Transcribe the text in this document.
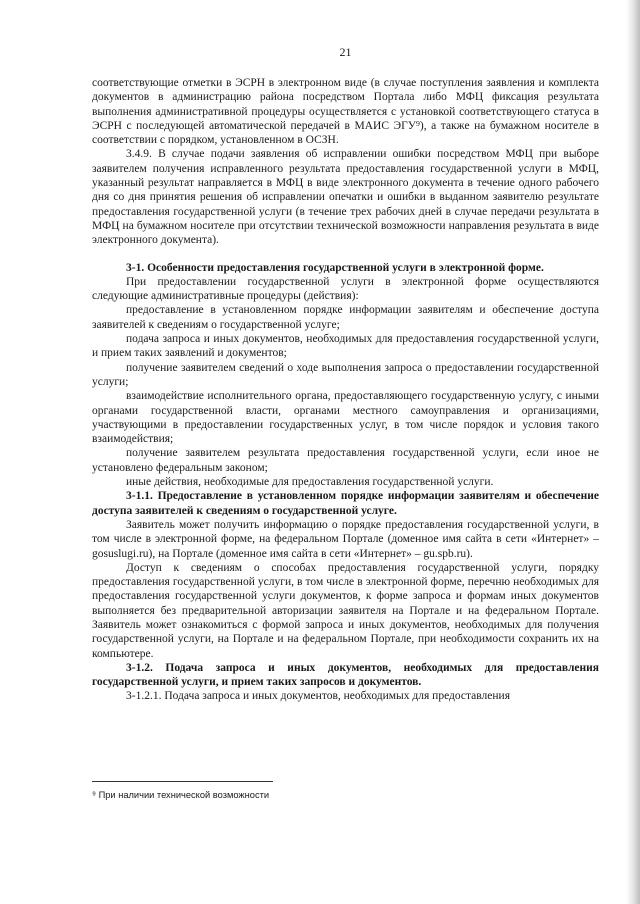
21

соответствующие отметки в ЭСРН в электронном виде (в случае поступления заявления и комплекта документов в администрацию района посредством Портала либо МФЦ фиксация результата выполнения административной процедуры осуществляется с установкой соответствующего статуса в ЭСРН с последующей автоматической передачей в МАИС ЭГУ⁹), а также на бумажном носителе в соответствии с порядком, установленном в ОСЗН.

3.4.9. В случае подачи заявления об исправлении ошибки посредством МФЦ при выборе заявителем получения исправленного результата предоставления государственной услуги в МФЦ, указанный результат направляется в МФЦ в виде электронного документа в течение одного рабочего дня со дня принятия решения об исправлении опечатки и ошибки в выданном заявителю результате предоставления государственной услуги (в течение трех рабочих дней в случае передачи результата в МФЦ на бумажном носителе при отсутствии технической возможности направления результата в виде электронного документа).

3-1. Особенности предоставления государственной услуги в электронной форме.

При предоставлении государственной услуги в электронной форме осуществляются следующие административные процедуры (действия):

предоставление в установленном порядке информации заявителям и обеспечение доступа заявителей к сведениям о государственной услуге;

подача запроса и иных документов, необходимых для предоставления государственной услуги, и прием таких заявлений и документов;

получение заявителем сведений о ходе выполнения запроса о предоставлении государственной услуги;

взаимодействие исполнительного органа, предоставляющего государственную услугу, с иными органами государственной власти, органами местного самоуправления и организациями, участвующими в предоставлении государственных услуг, в том числе порядок и условия такого взаимодействия;

получение заявителем результата предоставления государственной услуги, если иное не установлено федеральным законом;

иные действия, необходимые для предоставления государственной услуги.

3-1.1. Предоставление в установленном порядке информации заявителям и обеспечение доступа заявителей к сведениям о государственной услуге.

Заявитель может получить информацию о порядке предоставления государственной услуги, в том числе в электронной форме, на федеральном Портале (доменное имя сайта в сети «Интернет» – gosuslugi.ru), на Портале (доменное имя сайта в сети «Интернет» – gu.spb.ru).

Доступ к сведениям о способах предоставления государственной услуги, порядку предоставления государственной услуги, в том числе в электронной форме, перечню необходимых для предоставления государственной услуги документов, к форме запроса и формам иных документов выполняется без предварительной авторизации заявителя на Портале и на федеральном Портале. Заявитель может ознакомиться с формой запроса и иных документов, необходимых для получения государственной услуги, на Портале и на федеральном Портале, при необходимости сохранить их на компьютере.

3-1.2. Подача запроса и иных документов, необходимых для предоставления государственной услуги, и прием таких запросов и документов.

3-1.2.1. Подача запроса и иных документов, необходимых для предоставления

⁹ При наличии технической возможности
